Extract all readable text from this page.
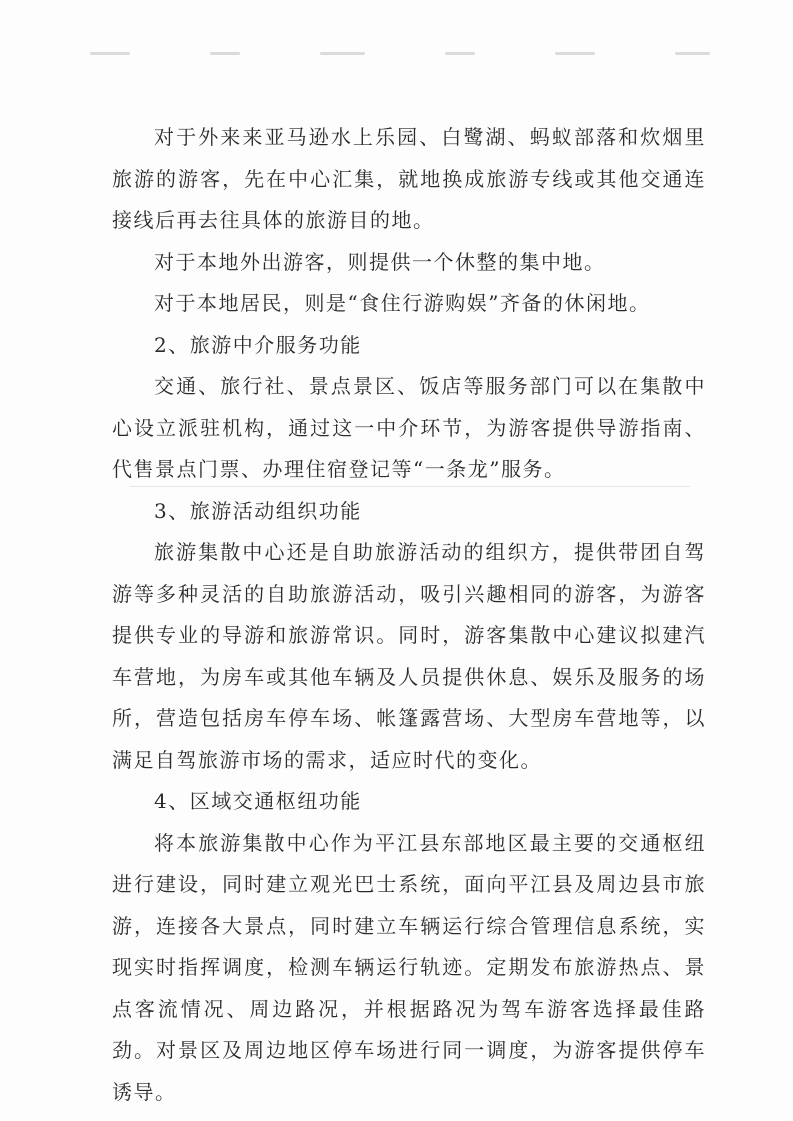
对于外来来亚马逊水上乐园、白鹭湖、蚂蚁部落和炊烟里旅游的游客，先在中心汇集，就地换成旅游专线或其他交通连接线后再去往具体的旅游目的地。

对于本地外出游客，则提供一个休整的集中地。

对于本地居民，则是“食住行游购娱”齐备的休闲地。

2、旅游中介服务功能

交通、旅行社、景点景区、饭店等服务部门可以在集散中心设立派驻机构，通过这一中介环节，为游客提供导游指南、代售景点门票、办理住宿登记等“一条龙”服务。

3、旅游活动组织功能

旅游集散中心还是自助旅游活动的组织方，提供带团自驾游等多种灵活的自助旅游活动，吸引兴趣相同的游客，为游客提供专业的导游和旅游常识。同时，游客集散中心建议拟建汽车营地，为房车或其他车辆及人员提供休息、娱乐及服务的场所，营造包括房车停车场、帐篷露营场、大型房车营地等，以满足自驾旅游市场的需求，适应时代的变化。

4、区域交通枢纽功能

将本旅游集散中心作为平江县东部地区最主要的交通枢纽进行建设，同时建立观光巴士系统，面向平江县及周边县市旅游，连接各大景点，同时建立车辆运行综合管理信息系统，实现实时指挥调度，检测车辆运行轨迹。定期发布旅游热点、景点客流情况、周边路况，并根据路况为驾车游客选择最佳路劲。对景区及周边地区停车场进行同一调度，为游客提供停车诱导。
